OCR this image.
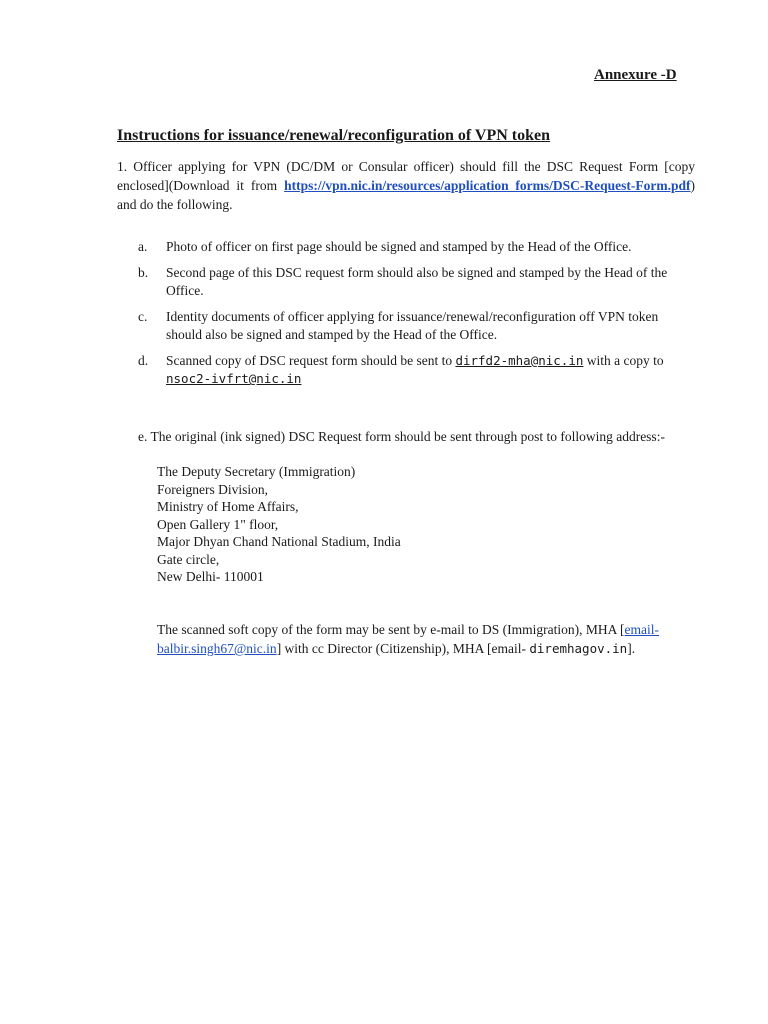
Annexure -D
Instructions for issuance/renewal/reconfiguration of VPN token
1. Officer applying for VPN (DC/DM or Consular officer) should fill the DSC Request Form [copy enclosed](Download it from https://vpn.nic.in/resources/application_forms/DSC-Request-Form.pdf) and do the following.
a. Photo of officer on first page should be signed and stamped by the Head of the Office.
b. Second page of this DSC request form should also be signed and stamped by the Head of the Office.
c. Identity documents of officer applying for issuance/renewal/reconfiguration off VPN token should also be signed and stamped by the Head of the Office.
d. Scanned copy of DSC request form should be sent to dirfd2-mha@nic.in with a copy to
nsoc2-ivfrt@nic.in
e. The original (ink signed) DSC Request form should be sent through post to following address:-
The Deputy Secretary (Immigration)
Foreigners Division,
Ministry of Home Affairs,
Open Gallery 1" floor,
Major Dhyan Chand National Stadium, India
Gate circle,
New Delhi- 110001
The scanned soft copy of the form may be sent by e-mail to DS (Immigration), MHA [email-balbir.singh67@nic.in] with cc Director (Citizenship), MHA [email- diremhagov.in].
